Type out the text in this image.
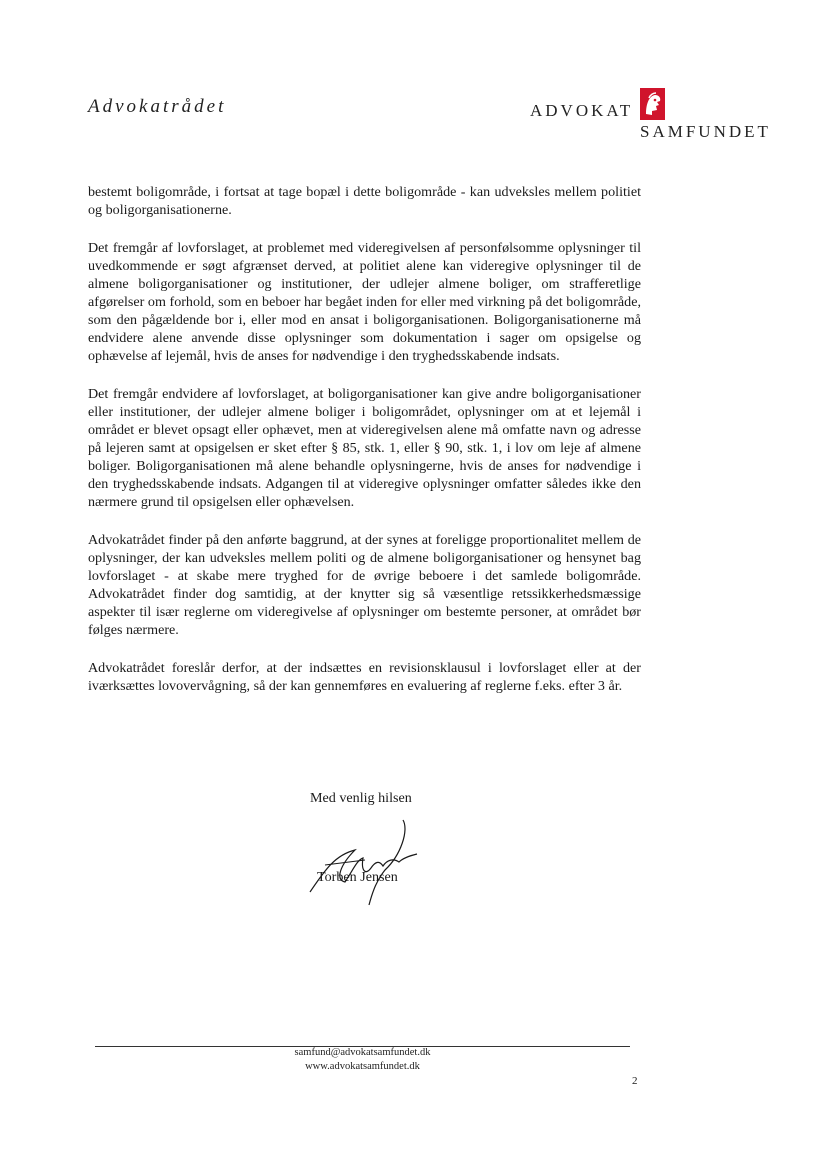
Advokatrådet	ADVOKAT
SAMFUNDET

bestemt boligområde, i fortsat at tage bopæl i dette boligområde - kan udveksles mellem politiet og boligorganisationerne.

Det fremgår af lovforslaget, at problemet med videregivelsen af personfølsomme oplysninger til uvedkommende er søgt afgrænset derved, at politiet alene kan videregive oplysninger til de almene boligorganisationer og institutioner, der udlejer almene boliger, om strafferetlige afgørelser om forhold, som en beboer har begået inden for eller med virkning på det boligområde, som den pågældende bor i, eller mod en ansat i boligorganisationen. Boligorganisationerne må endvidere alene anvende disse oplysninger som dokumentation i sager om opsigelse og ophævelse af lejemål, hvis de anses for nødvendige i den tryghedsskabende indsats.

Det fremgår endvidere af lovforslaget, at boligorganisationer kan give andre boligorganisationer eller institutioner, der udlejer almene boliger i boligområdet, oplysninger om at et lejemål i området er blevet opsagt eller ophævet, men at videregivelsen alene må omfatte navn og adresse på lejeren samt at opsigelsen er sket efter § 85, stk. 1, eller § 90, stk. 1, i lov om leje af almene boliger. Boligorganisationen må alene behandle oplysningerne, hvis de anses for nødvendige i den tryghedsskabende indsats. Adgangen til at videregive oplysninger omfatter således ikke den nærmere grund til opsigelsen eller ophævelsen.

Advokatrådet finder på den anførte baggrund, at der synes at foreligge proportionalitet mellem de oplysninger, der kan udveksles mellem politi og de almene boligorganisationer og hensynet bag lovforslaget - at skabe mere tryghed for de øvrige beboere i det samlede boligområde. Advokatrådet finder dog samtidig, at der knytter sig så væsentlige retssikkerhedsmæssige aspekter til især reglerne om videregivelse af oplysninger om bestemte personer, at området bør følges nærmere.

Advokatrådet foreslår derfor, at der indsættes en revisionsklausul i lovforslaget eller at der iværksættes lovovervågning, så der kan gennemføres en evaluering af reglerne f.eks. efter 3 år.

Med venlig hilsen
Torben Jensen
samfund@advokatsamfundet.dk
www.advokatsamfundet.dk
2
